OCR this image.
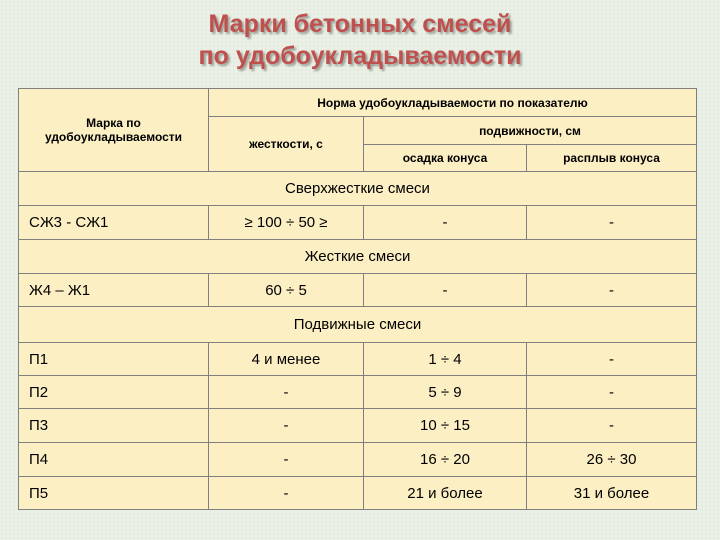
Марки бетонных смесей
по удобоукладываемости
Марка по удобоукладываемости
Норма удобоукладываемости по показателю
жесткости, с
подвижности, см
осадка конуса	расплыв конуса
Сверхжесткие смеси
СЖ3 - СЖ1	≥ 100 ÷ 50 ≥	-	-
Жесткие смеси
Ж4 – Ж1	60 ÷ 5	-	-
Подвижные смеси
П1	4 и менее	1 ÷ 4	-
П2	-	5 ÷ 9	-
П3	-	10 ÷ 15	-
П4	-	16 ÷ 20	26 ÷ 30
П5	-	21 и более	31 и более
